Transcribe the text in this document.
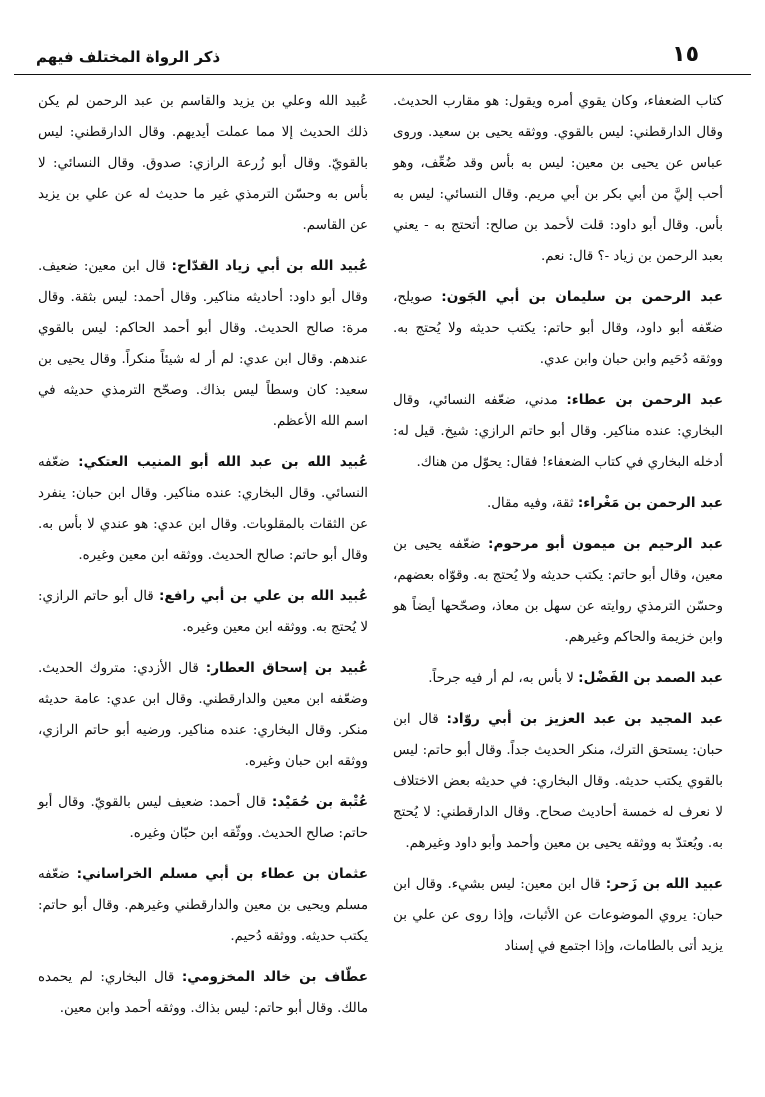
١٥
ذكر الرواة المختلف فيهم

كتاب الضعفاء، وكان يقوي أمره ويقول: هو مقارب الحديث. وقال الدارقطني: ليس بالقوي. ووثقه يحيى بن سعيد. وروى عباس عن يحيى بن معين: ليس به بأس وقد ضُعِّف، وهو أحب إليَّ من أبي بكر بن أبي مريم. وقال النسائي: ليس به بأس. وقال أبو داود: قلت لأحمد بن صالح: أتحتج به - يعني بعبد الرحمن بن زياد -؟ قال: نعم.

عبد الرحمن بن سليمان بن أبي الجَون: صويلح، ضعّفه أبو داود، وقال أبو حاتم: يكتب حديثه ولا يُحتج به. ووثقه دُحَيم وابن حبان وابن عدي.

عبد الرحمن بن عطاء: مدني، ضعّفه النسائي، وقال البخاري: عنده مناكير. وقال أبو حاتم الرازي: شيخ. قيل له: أدخله البخاري في كتاب الضعفاء! فقال: يحوّل من هناك.

عبد الرحمن بن مَغْراء: ثقة، وفيه مقال.

عبد الرحيم بن ميمون أبو مرحوم: ضعّفه يحيى بن معين، وقال أبو حاتم: يكتب حديثه ولا يُحتج به. وقوّاه بعضهم، وحسّن الترمذي روايته عن سهل بن معاذ، وصحّحها أيضاً هو وابن خزيمة والحاكم وغيرهم.

عبد الصمد بن الفَضْل: لا بأس به، لم أر فيه جرحاً.

عبد المجيد بن عبد العزيز بن أبي روّاد: قال ابن حبان: يستحق الترك، منكر الحديث جداً. وقال أبو حاتم: ليس بالقوي يكتب حديثه. وقال البخاري: في حديثه بعض الاختلاف لا نعرف له خمسة أحاديث صحاح. وقال الدارقطني: لا يُحتج به. ويُعتدّ به ووثقه يحيى بن معين وأحمد وأبو داود وغيرهم.

عبيد الله بن زَحر: قال ابن معين: ليس بشيء. وقال ابن حبان: يروي الموضوعات عن الأثبات، وإذا روى عن علي بن يزيد أتى بالطامات، وإذا اجتمع في إسناد

عُبيد الله وعلي بن يزيد والقاسم بن عبد الرحمن لم يكن ذلك الحديث إلا مما عملت أيديهم. وقال الدارقطني: ليس بالقويّ. وقال أبو زُرعة الرازي: صدوق. وقال النسائي: لا بأس به وحسّن الترمذي غير ما حديث له عن علي بن يزيد عن القاسم.

عُبيد الله بن أبي زياد القدّاح: قال ابن معين: ضعيف. وقال أبو داود: أحاديثه مناكير. وقال أحمد: ليس بثقة. وقال مرة: صالح الحديث. وقال أبو أحمد الحاكم: ليس بالقوي عندهم. وقال ابن عدي: لم أر له شيئاً منكراً. وقال يحيى بن سعيد: كان وسطاً ليس بذاك. وصحّح الترمذي حديثه في اسم الله الأعظم.

عُبيد الله بن عبد الله أبو المنيب العتكي: ضعّفه النسائي. وقال البخاري: عنده مناكير. وقال ابن حبان: ينفرد عن الثقات بالمقلوبات. وقال ابن عدي: هو عندي لا بأس به. وقال أبو حاتم: صالح الحديث. ووثقه ابن معين وغيره.

عُبيد الله بن علي بن أبي رافع: قال أبو حاتم الرازي: لا يُحتج به. ووثقه ابن معين وغيره.

عُبيد بن إسحاق العطار: قال الأزدي: متروك الحديث. وضعّفه ابن معين والدارقطني. وقال ابن عدي: عامة حديثه منكر. وقال البخاري: عنده مناكير. ورضيه أبو حاتم الرازي، ووثقه ابن حبان وغيره.

عُتْبة بن حُمَيْد: قال أحمد: ضعيف ليس بالقويّ. وقال أبو حاتم: صالح الحديث. ووثّقه ابن حبّان وغيره.

عثمان بن عطاء بن أبي مسلم الخراساني: ضعّفه مسلم ويحيى بن معين والدارقطني وغيرهم. وقال أبو حاتم: يكتب حديثه. ووثقه دُحيم.

عطّاف بن خالد المخزومي: قال البخاري: لم يحمده مالك. وقال أبو حاتم: ليس بذاك. ووثقه أحمد وابن معين.
